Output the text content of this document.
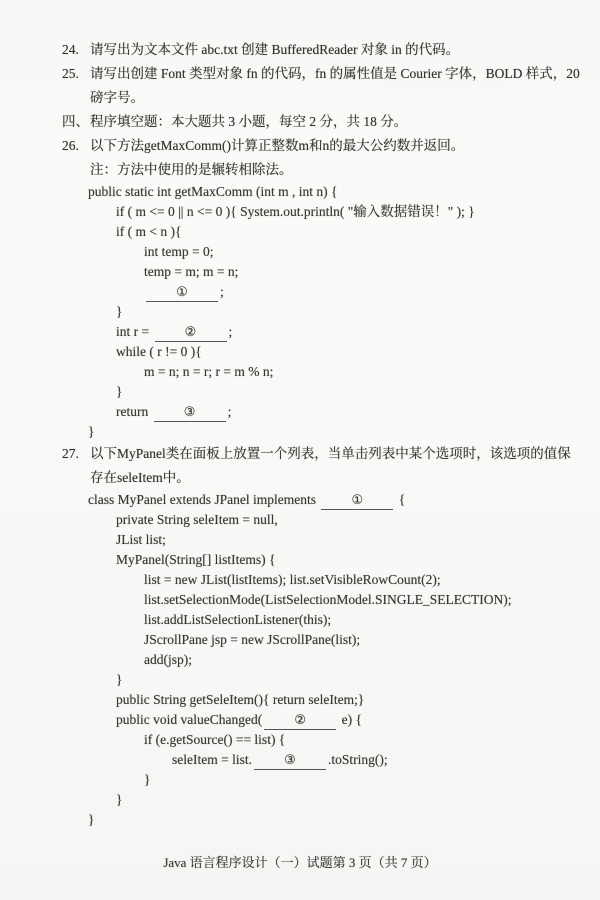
24. 请写出为文本文件 abc.txt 创建 BufferedReader 对象 in 的代码。
25. 请写出创建 Font 类型对象 fn 的代码，fn 的属性值是 Courier 字体，BOLD 样式，20
磅字号。
四、程序填空题：本大题共 3 小题，每空 2 分，共 18 分。
26. 以下方法getMaxComm()计算正整数m和n的最大公约数并返回。
注：方法中使用的是辗转相除法。
public static int getMaxComm (int m , int n) {
if ( m <= 0 || n <= 0 ){ System.out.println( "输入数据错误！" ); }
if ( m < n ){
int temp = 0;
temp = m; m = n;
① ;
}
int r = ② ;
while ( r != 0 ){
m = n; n = r; r = m % n;
}
return ③ ;
}
27. 以下MyPanel类在面板上放置一个列表，当单击列表中某个选项时，该选项的值保
存在seleItem中。
class MyPanel extends JPanel implements ① {
private String seleItem = null,
JList list;
MyPanel(String[] listItems) {
list = new JList(listItems); list.setVisibleRowCount(2);
list.setSelectionMode(ListSelectionModel.SINGLE_SELECTION);
list.addListSelectionListener(this);
JScrollPane jsp = new JScrollPane(list);
add(jsp);
}
public String getSeleItem(){ return seleItem;}
public void valueChanged( ② e) {
if (e.getSource() == list) {
seleItem = list. ③ .toString();
}
}
}
Java 语言程序设计（一）试题第 3 页（共 7 页）
